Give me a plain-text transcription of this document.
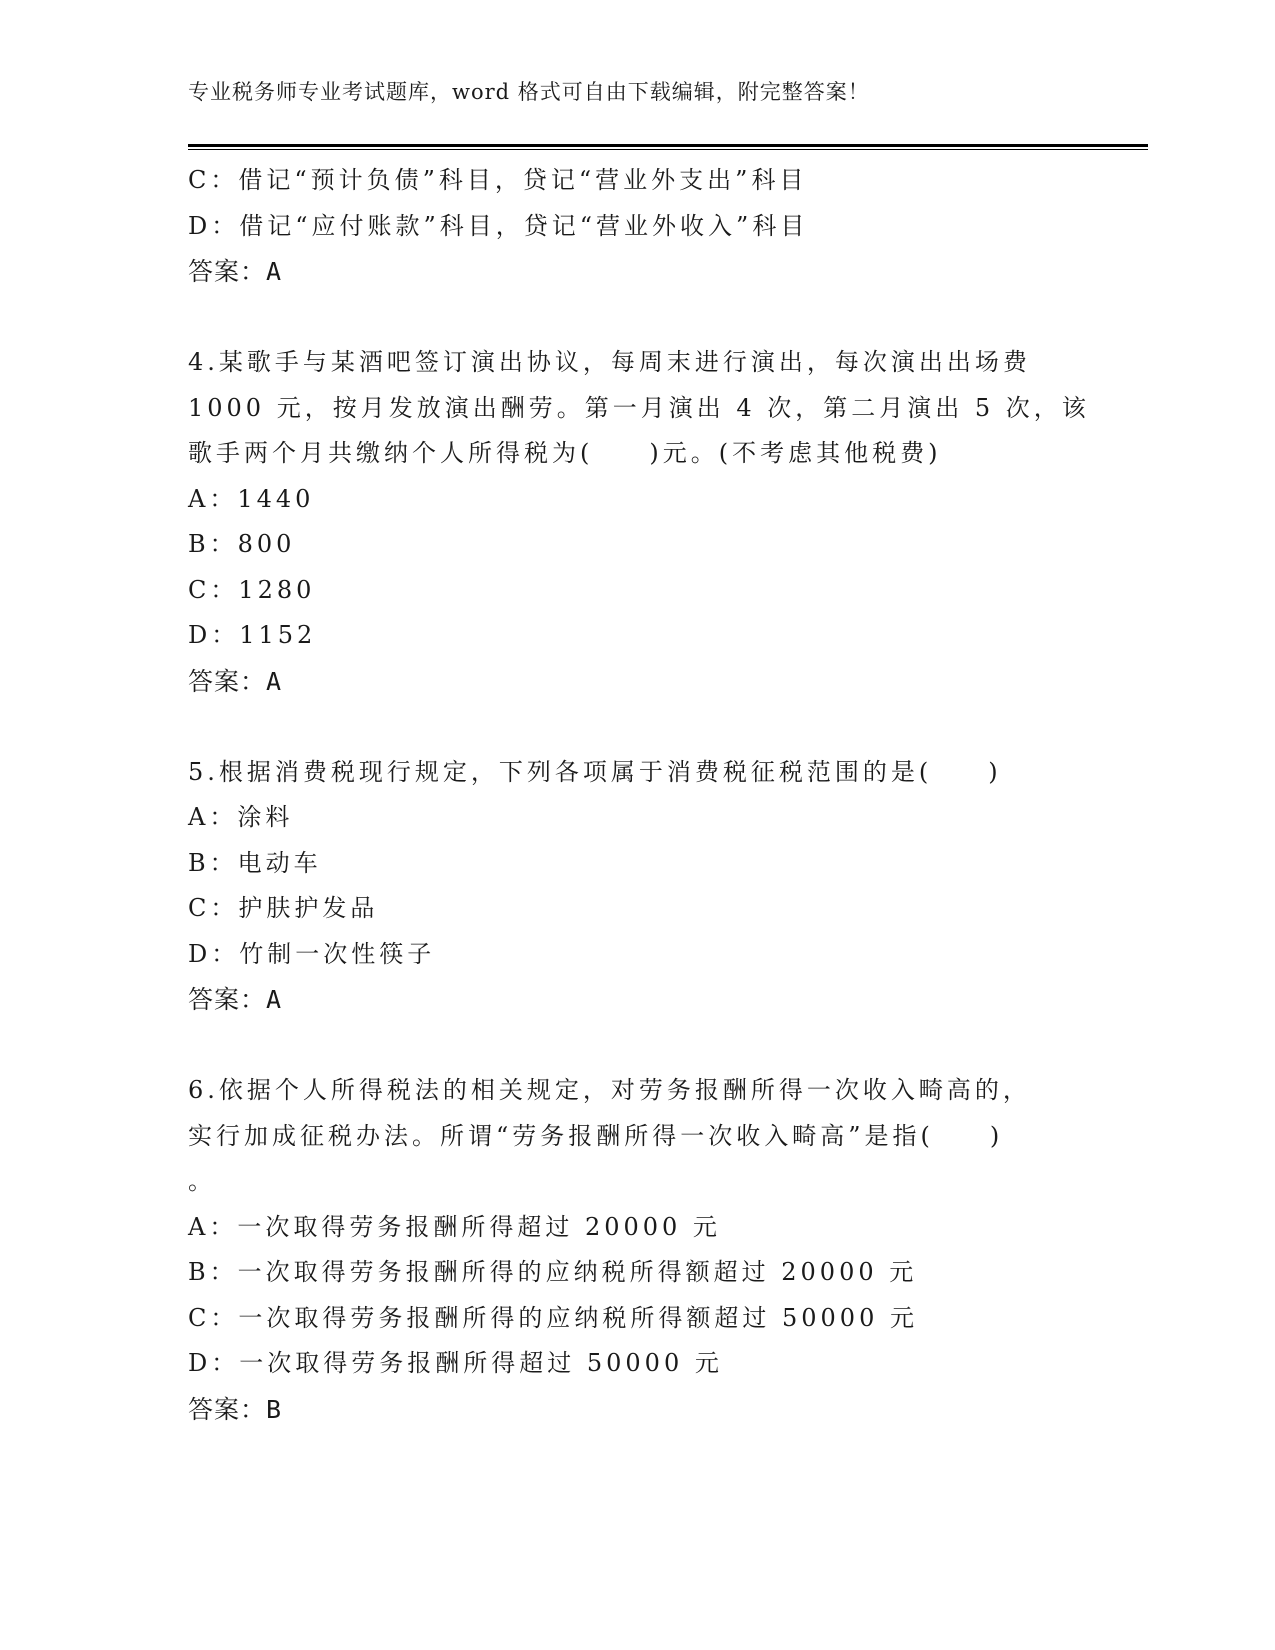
专业税务师专业考试题库，word 格式可自由下载编辑，附完整答案！
C：借记“预计负债”科目，贷记“营业外支出”科目
D：借记“应付账款”科目，贷记“营业外收入”科目
答案：A
4.某歌手与某酒吧签订演出协议，每周末进行演出，每次演出出场费
1000 元，按月发放演出酬劳。第一月演出 4 次，第二月演出 5 次，该
歌手两个月共缴纳个人所得税为(　　)元。(不考虑其他税费)
A：1440
B：800
C：1280
D：1152
答案：A
5.根据消费税现行规定，下列各项属于消费税征税范围的是(　　)
A：涂料
B：电动车
C：护肤护发品
D：竹制一次性筷子
答案：A
6.依据个人所得税法的相关规定，对劳务报酬所得一次收入畸高的，
实行加成征税办法。所谓“劳务报酬所得一次收入畸高”是指(　　)
。
A：一次取得劳务报酬所得超过 20000 元
B：一次取得劳务报酬所得的应纳税所得额超过 20000 元
C：一次取得劳务报酬所得的应纳税所得额超过 50000 元
D：一次取得劳务报酬所得超过 50000 元
答案：B
